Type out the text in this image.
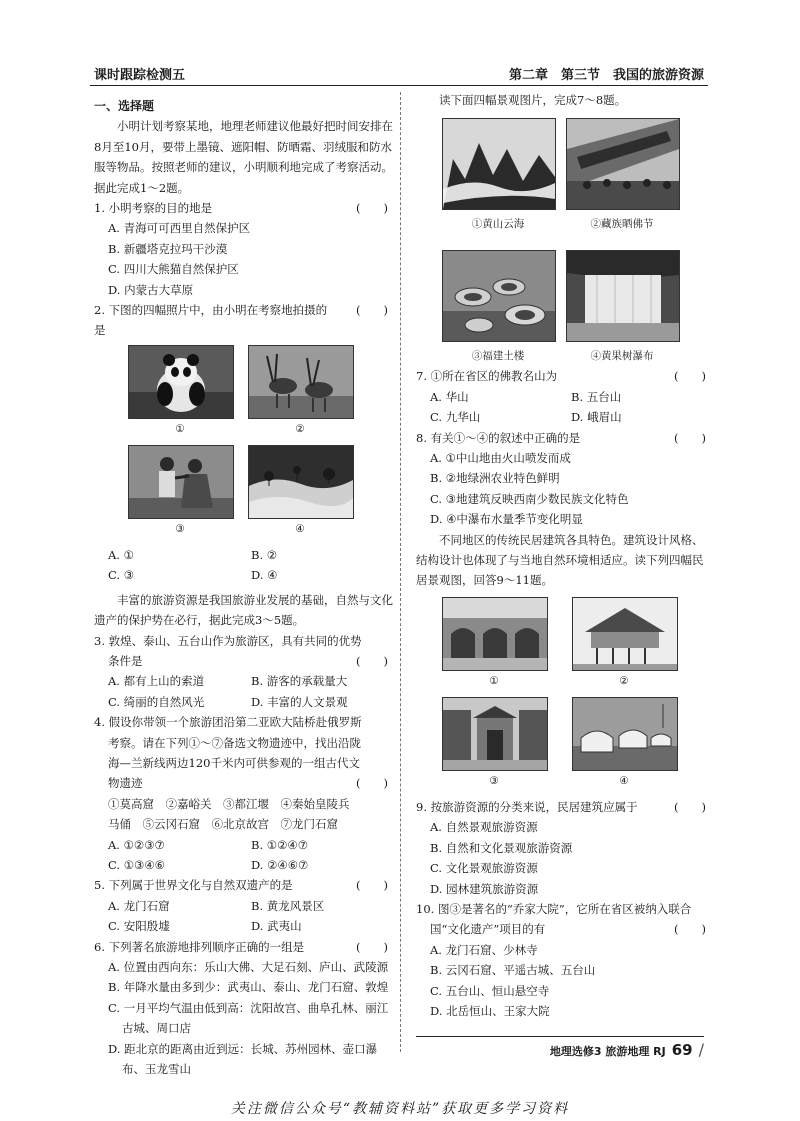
课时跟踪检测五	第二章　第三节　我国的旅游资源
一、选择题
小明计划考察某地，地理老师建议他最好把时间安排在8月至10月，要带上墨镜、遮阳帽、防晒霜、羽绒服和防水服等物品。按照老师的建议，小明顺利地完成了考察活动。据此完成1～2题。
1. 小明考察的目的地是	(　　)
A. 青海可可西里自然保护区
B. 新疆塔克拉玛干沙漠
C. 四川大熊猫自然保护区
D. 内蒙古大草原
2. 下图的四幅照片中，由小明在考察地拍摄的是
(　　)
①	②
③	④
A. ①	B. ②
C. ③	D. ④
丰富的旅游资源是我国旅游业发展的基础，自然与文化遗产的保护势在必行，据此完成3～5题。
3. 敦煌、泰山、五台山作为旅游区，具有共同的优势
条件是	(　　)
A. 都有上山的索道	B. 游客的承载量大
C. 绮丽的自然风光	D. 丰富的人文景观
4. 假设你带领一个旅游团沿第二亚欧大陆桥赴俄罗斯
考察。请在下列①～⑦备选文物遗迹中，找出沿陇
海—兰新线两边120千米内可供参观的一组古代文
物遗迹	(　　)
①莫高窟　②嘉峪关　③都江堰　④秦始皇陵兵
马俑　⑤云冈石窟　⑥北京故宫　⑦龙门石窟
A. ①②③⑦	B. ①②④⑦
C. ①③④⑥	D. ②④⑥⑦
5. 下列属于世界文化与自然双遗产的是	(　　)
A. 龙门石窟	B. 黄龙风景区
C. 安阳殷墟	D. 武夷山
6. 下列著名旅游地排列顺序正确的一组是	(　　)
A. 位置由西向东：乐山大佛、大足石刻、庐山、武陵源
B. 年降水量由多到少：武夷山、泰山、龙门石窟、敦煌
C. 一月平均气温由低到高：沈阳故宫、曲阜孔林、丽江古城、周口店
D. 距北京的距离由近到远：长城、苏州园林、壶口瀑布、玉龙雪山
读下面四幅景观图片，完成7～8题。
①黄山云海	②藏族晒佛节
③福建土楼	④黄果树瀑布
7. ①所在省区的佛教名山为	(　　)
A. 华山	B. 五台山
C. 九华山	D. 峨眉山
8. 有关①～④的叙述中正确的是	(　　)
A. ①中山地由火山喷发而成
B. ②地绿洲农业特色鲜明
C. ③地建筑反映西南少数民族文化特色
D. ④中瀑布水量季节变化明显
不同地区的传统民居建筑各具特色。建筑设计风格、结构设计也体现了与当地自然环境相适应。读下列四幅民居景观图，回答9～11题。
①	②
③	④
9. 按旅游资源的分类来说，民居建筑应属于	(　　)
A. 自然景观旅游资源
B. 自然和文化景观旅游资源
C. 文化景观旅游资源
D. 园林建筑旅游资源
10. 图③是著名的“乔家大院”，它所在省区被纳入联合
国“文化遗产”项目的有	(　　)
A. 龙门石窟、少林寺
B. 云冈石窟、平遥古城、五台山
C. 五台山、恒山悬空寺
D. 北岳恒山、王家大院
地理选修3 旅游地理 RJ 69 /
关注微信公众号“教辅资料站”获取更多学习资料
